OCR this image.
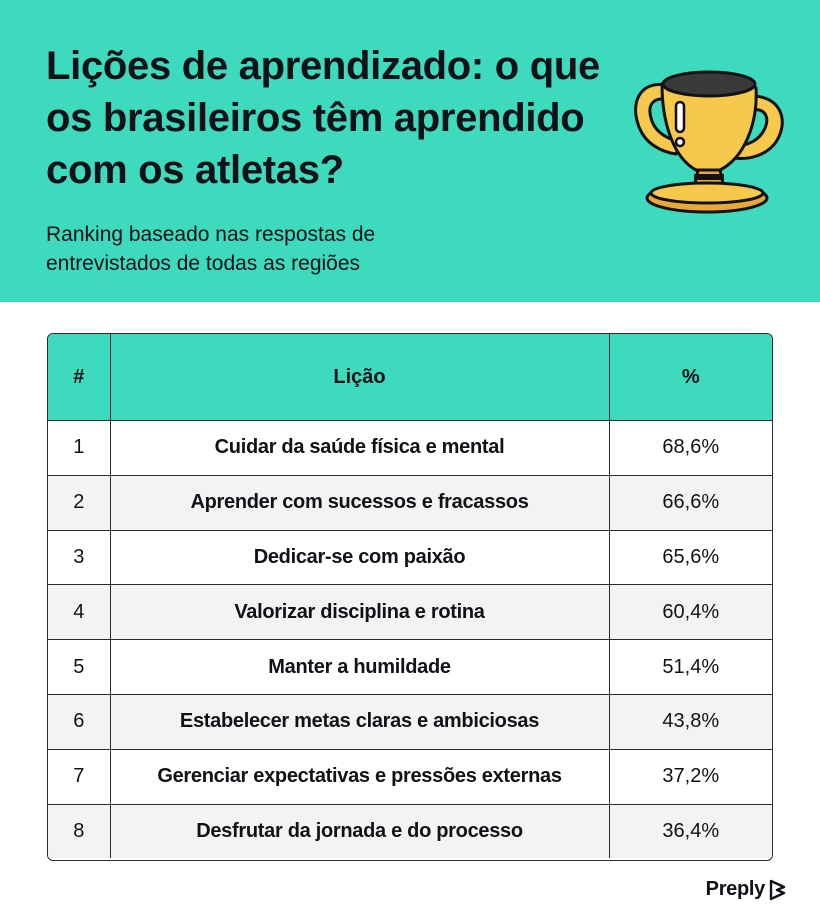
Lições de aprendizado: o que os brasileiros têm aprendido com os atletas?

Ranking baseado nas respostas de entrevistados de todas as regiões

#	Lição	%
1	Cuidar da saúde física e mental	68,6%
2	Aprender com sucessos e fracassos	66,6%
3	Dedicar-se com paixão	65,6%
4	Valorizar disciplina e rotina	60,4%
5	Manter a humildade	51,4%
6	Estabelecer metas claras e ambiciosas	43,8%
7	Gerenciar expectativas e pressões externas	37,2%
8	Desfrutar da jornada e do processo	36,4%
Preply
